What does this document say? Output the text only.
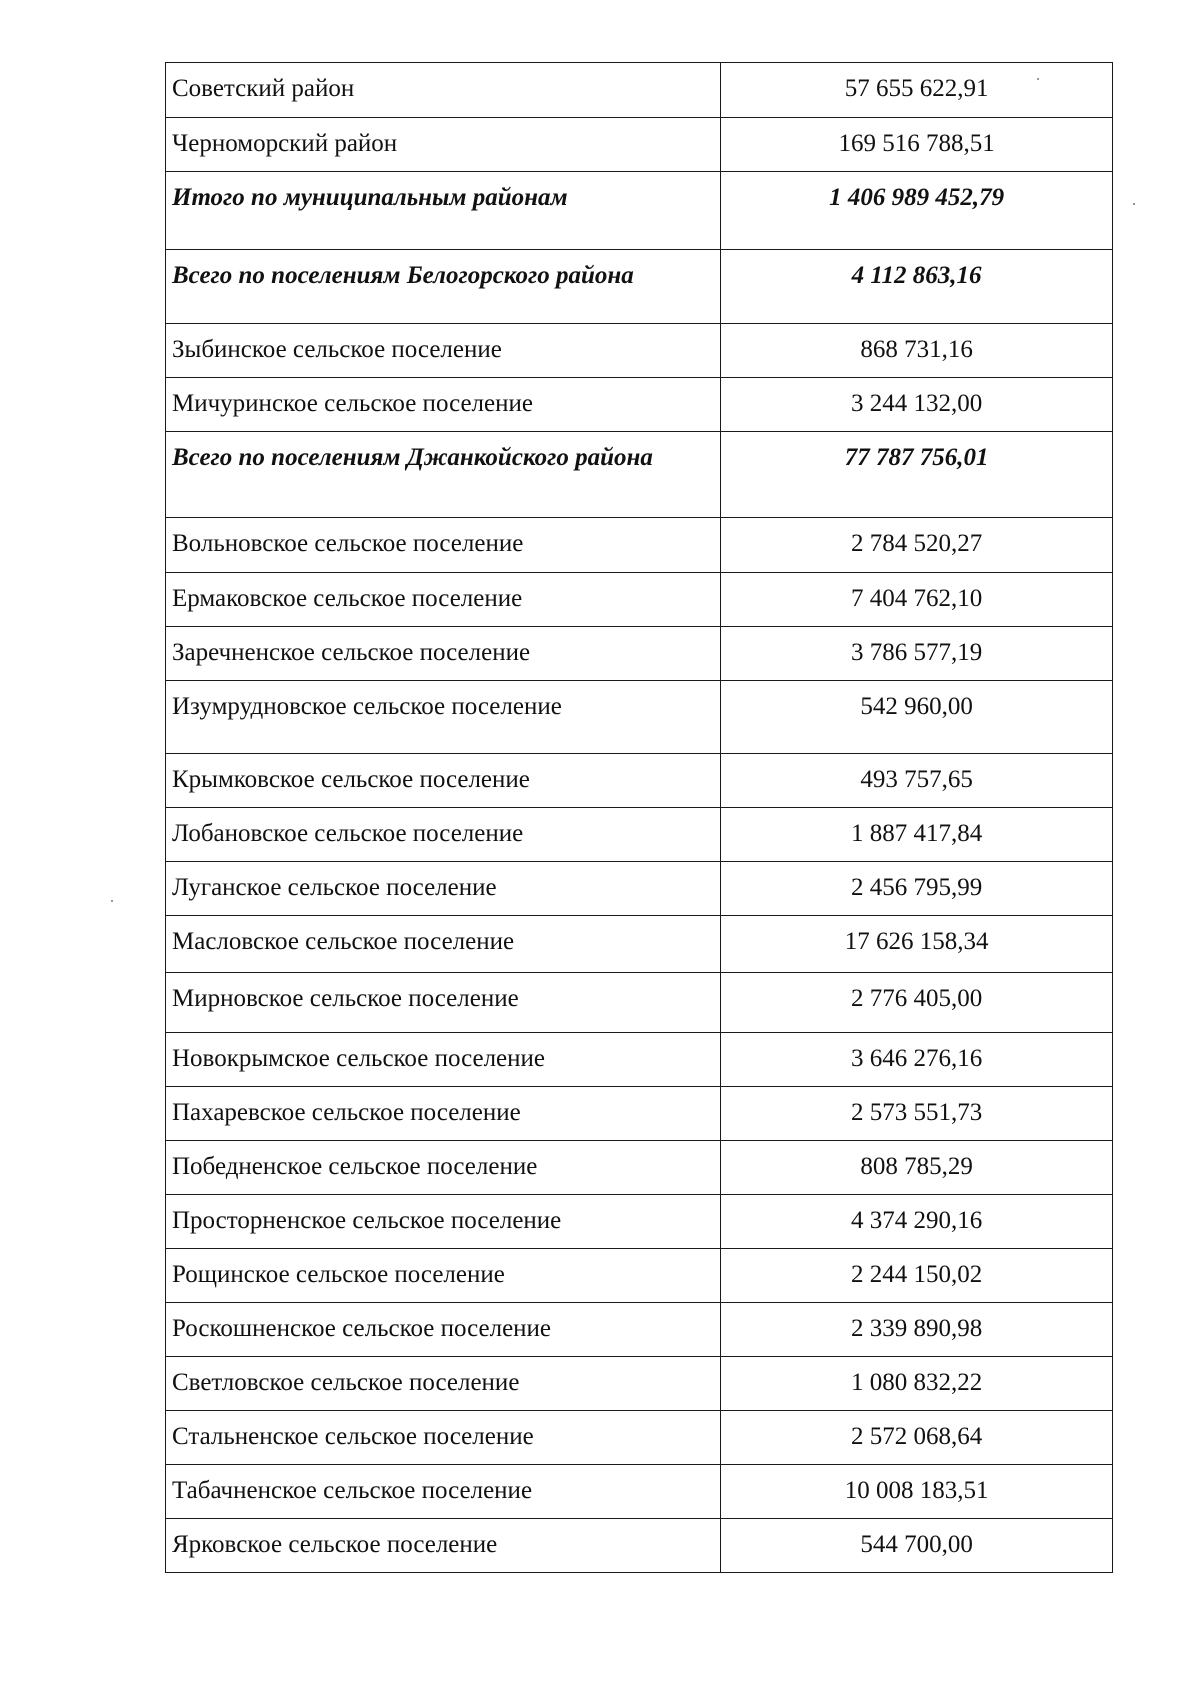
Советский район	57 655 622,91
Черноморский район	169 516 788,51
Итого по муниципальным районам	1 406 989 452,79
Всего по поселениям Белогорского района	4 112 863,16
Зыбинское сельское поселение	868 731,16
Мичуринское сельское поселение	3 244 132,00
Всего по поселениям Джанкойского района	77 787 756,01
Вольновское сельское поселение	2 784 520,27
Ермаковское сельское поселение	7 404 762,10
Заречненское сельское поселение	3 786 577,19
Изумрудновское сельское поселение	542 960,00
Крымковское сельское поселение	493 757,65
Лобановское сельское поселение	1 887 417,84
Луганское сельское поселение	2 456 795,99
Масловское сельское поселение	17 626 158,34
Мирновское сельское поселение	2 776 405,00
Новокрымское сельское поселение	3 646 276,16
Пахаревское сельское поселение	2 573 551,73
Победненское сельское поселение	808 785,29
Просторненское сельское поселение	4 374 290,16
Рощинское сельское поселение	2 244 150,02
Роскошненское сельское поселение	2 339 890,98
Светловское сельское поселение	1 080 832,22
Стальненское сельское поселение	2 572 068,64
Табачненское сельское поселение	10 008 183,51
Ярковское сельское поселение	544 700,00
